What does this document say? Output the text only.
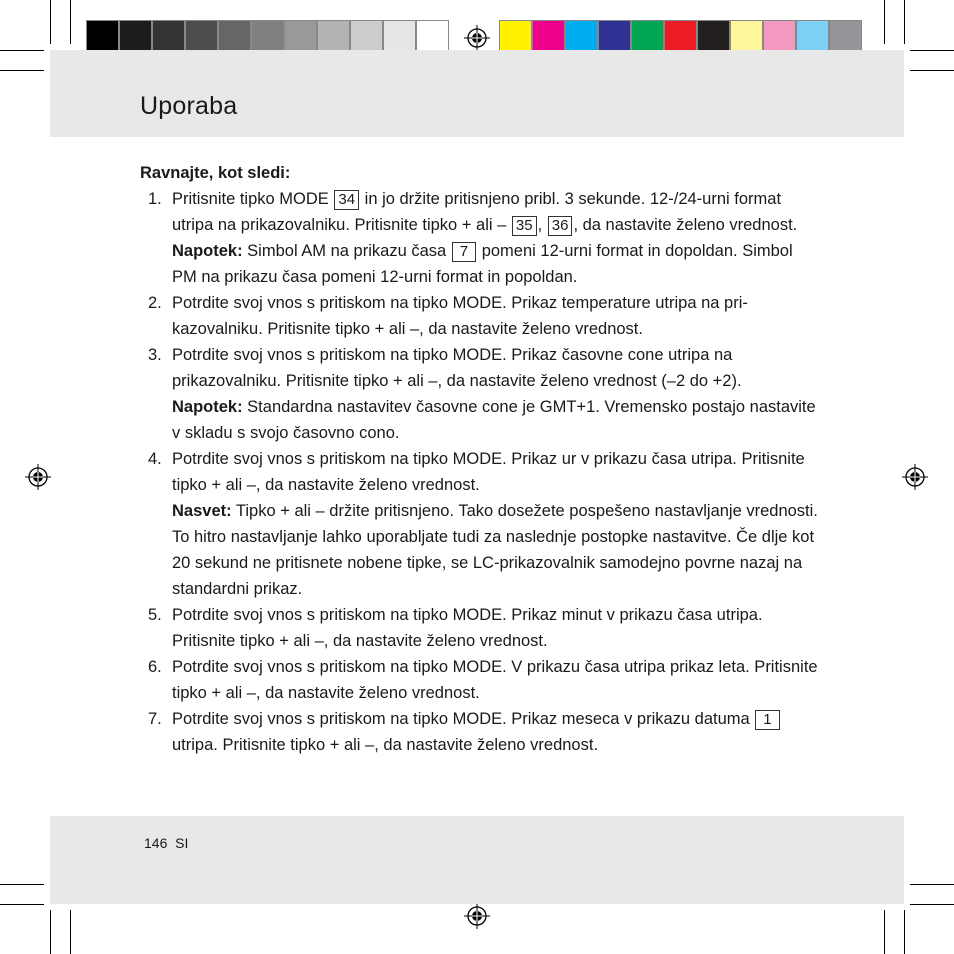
Uporaba

Ravnajte, kot sledi:

1. Pritisnite tipko MODE 34 in jo držite pritisnjeno pribl. 3 sekunde. 12-/24-urni format utripa na prikazovalniku. Pritisnite tipko + ali – 35 , 36 , da nastavite želeno vrednost.
Napotek: Simbol AM na prikazu časa 7 pomeni 12-urni format in dopoldan. Simbol PM na prikazu časa pomeni 12-urni format in popoldan.
2. Potrdite svoj vnos s pritiskom na tipko MODE. Prikaz temperature utripa na prikazovalniku. Pritisnite tipko + ali –, da nastavite želeno vrednost.
3. Potrdite svoj vnos s pritiskom na tipko MODE. Prikaz časovne cone utripa na prikazovalniku. Pritisnite tipko + ali –, da nastavite želeno vrednost (–2 do +2).
Napotek: Standardna nastavitev časovne cone je GMT+1. Vremensko postajo nastavite v skladu s svojo časovno cono.
4. Potrdite svoj vnos s pritiskom na tipko MODE. Prikaz ur v prikazu časa utripa. Pritisnite tipko + ali –, da nastavite želeno vrednost.
Nasvet: Tipko + ali – držite pritisnjeno. Tako dosežete pospešeno nastavljanje vrednosti. To hitro nastavljanje lahko uporabljate tudi za naslednje postopke nastavitve. Če dlje kot 20 sekund ne pritisnete nobene tipke, se LC-prikazovalnik samodejno povrne nazaj na standardni prikaz.
5. Potrdite svoj vnos s pritiskom na tipko MODE. Prikaz minut v prikazu časa utripa. Pritisnite tipko + ali –, da nastavite želeno vrednost.
6. Potrdite svoj vnos s pritiskom na tipko MODE. V prikazu časa utripa prikaz leta. Pritisnite tipko + ali –, da nastavite želeno vrednost.
7. Potrdite svoj vnos s pritiskom na tipko MODE. Prikaz meseca v prikazu datuma 1 utripa. Pritisnite tipko + ali –, da nastavite želeno vrednost.
146 SI
